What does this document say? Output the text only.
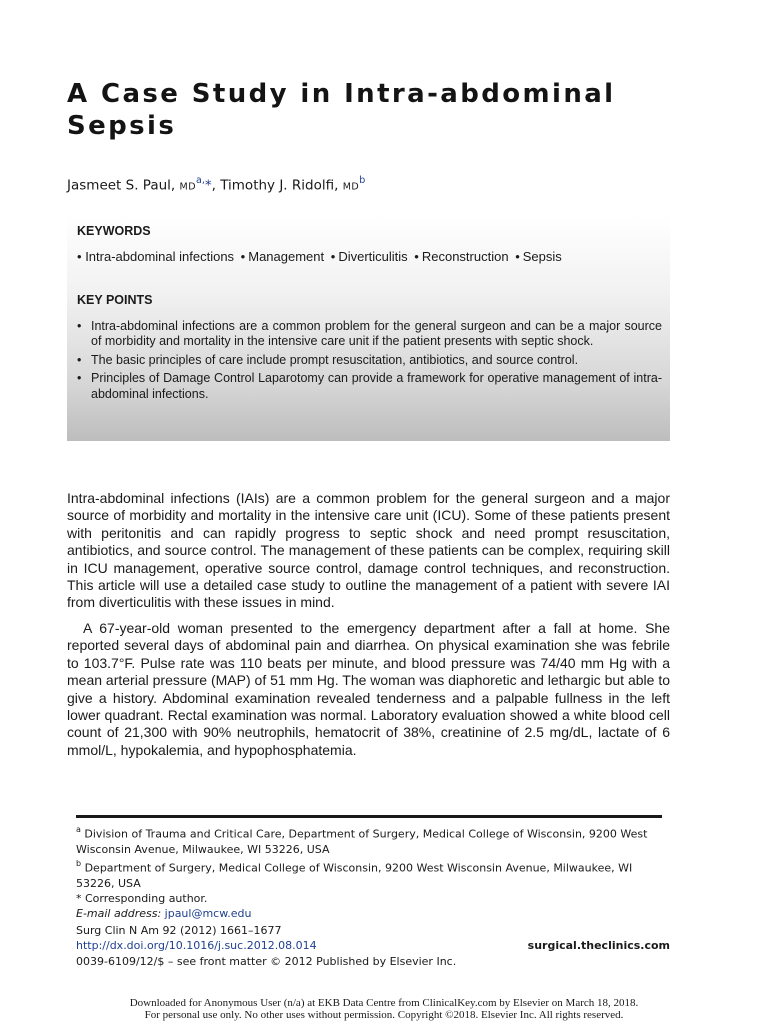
A Case Study in Intra-abdominal
Sepsis
Jasmeet S. Paul, $MD^{a,}*$, Timothy J. Ridolfi, $MD^b$
KEYWORDS
• Intra-abdominal infections • Management • Diverticulitis • Reconstruction • Sepsis
KEY POINTS
• Intra-abdominal infections are a common problem for the general surgeon and can be a major source of morbidity and mortality in the intensive care unit if the patient presents with septic shock.
• The basic principles of care include prompt resuscitation, antibiotics, and source control.
• Principles of Damage Control Laparotomy can provide a framework for operative management of intra-abdominal infections.

Intra-abdominal infections (IAIs) are a common problem for the general surgeon and a major source of morbidity and mortality in the intensive care unit (ICU). Some of these patients present with peritonitis and can rapidly progress to septic shock and need prompt resuscitation, antibiotics, and source control. The management of these patients can be complex, requiring skill in ICU management, operative source control, damage control techniques, and reconstruction. This article will use a detailed case study to outline the management of a patient with severe IAI from diverticulitis with these issues in mind.

A 67-year-old woman presented to the emergency department after a fall at home. She reported several days of abdominal pain and diarrhea. On physical examination she was febrile to 103.7°F. Pulse rate was 110 beats per minute, and blood pressure was 74/40 mm Hg with a mean arterial pressure (MAP) of 51 mm Hg. The woman was diaphoretic and lethargic but able to give a history. Abdominal examination revealed tenderness and a palpable fullness in the left lower quadrant. Rectal examination was normal. Laboratory evaluation showed a white blood cell count of 21,300 with 90% neutrophils, hematocrit of 38%, creatinine of 2.5 mg/dL, lactate of 6 mmol/L, hypokalemia, and hypophosphatemia.

$^a$ Division of Trauma and Critical Care, Department of Surgery, Medical College of Wisconsin, 9200 West Wisconsin Avenue, Milwaukee, WI 53226, USA

$^b$ Department of Surgery, Medical College of Wisconsin, 9200 West Wisconsin Avenue, Milwaukee, WI 53226, USA

* Corresponding author.

E-mail address: jpaul@mcw.edu

Surg Clin N Am 92 (2012) 1661–1677
http://dx.doi.org/10.1016/j.suc.2012.08.014	surgical.theclinics.com
0039-6109/12/$ – see front matter © 2012 Published by Elsevier Inc.
Downloaded for Anonymous User (n/a) at EKB Data Centre from ClinicalKey.com by Elsevier on March 18, 2018.
For personal use only. No other uses without permission. Copyright ©2018. Elsevier Inc. All rights reserved.
